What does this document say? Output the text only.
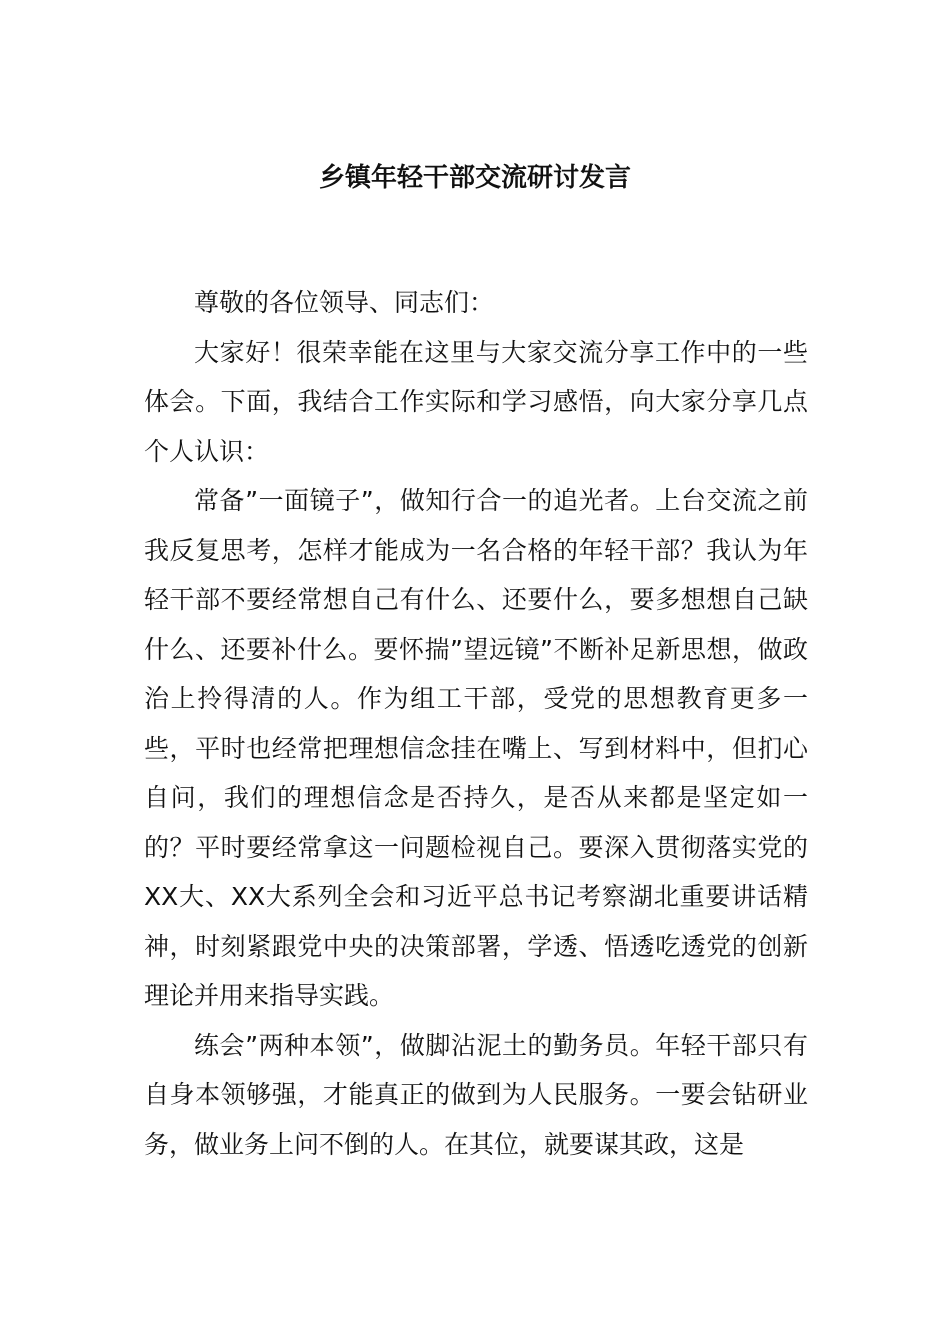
乡镇年轻干部交流研讨发言

尊敬的各位领导、同志们：

大家好！很荣幸能在这里与大家交流分享工作中的一些体会。下面，我结合工作实际和学习感悟，向大家分享几点个人认识：

常备”一面镜子”，做知行合一的追光者。上台交流之前我反复思考，怎样才能成为一名合格的年轻干部？我认为年轻干部不要经常想自己有什么、还要什么，要多想想自己缺什么、还要补什么。要怀揣”望远镜”不断补足新思想，做政治上拎得清的人。作为组工干部，受党的思想教育更多一些，平时也经常把理想信念挂在嘴上、写到材料中，但扪心自问，我们的理想信念是否持久，是否从来都是坚定如一的？平时要经常拿这一问题检视自己。要深入贯彻落实党的XX大、XX大系列全会和习近平总书记考察湖北重要讲话精神，时刻紧跟党中央的决策部署，学透、悟透吃透党的创新理论并用来指导实践。

练会”两种本领”，做脚沾泥土的勤务员。年轻干部只有自身本领够强，才能真正的做到为人民服务。一要会钻研业务，做业务上问不倒的人。在其位，就要谋其政，这是
